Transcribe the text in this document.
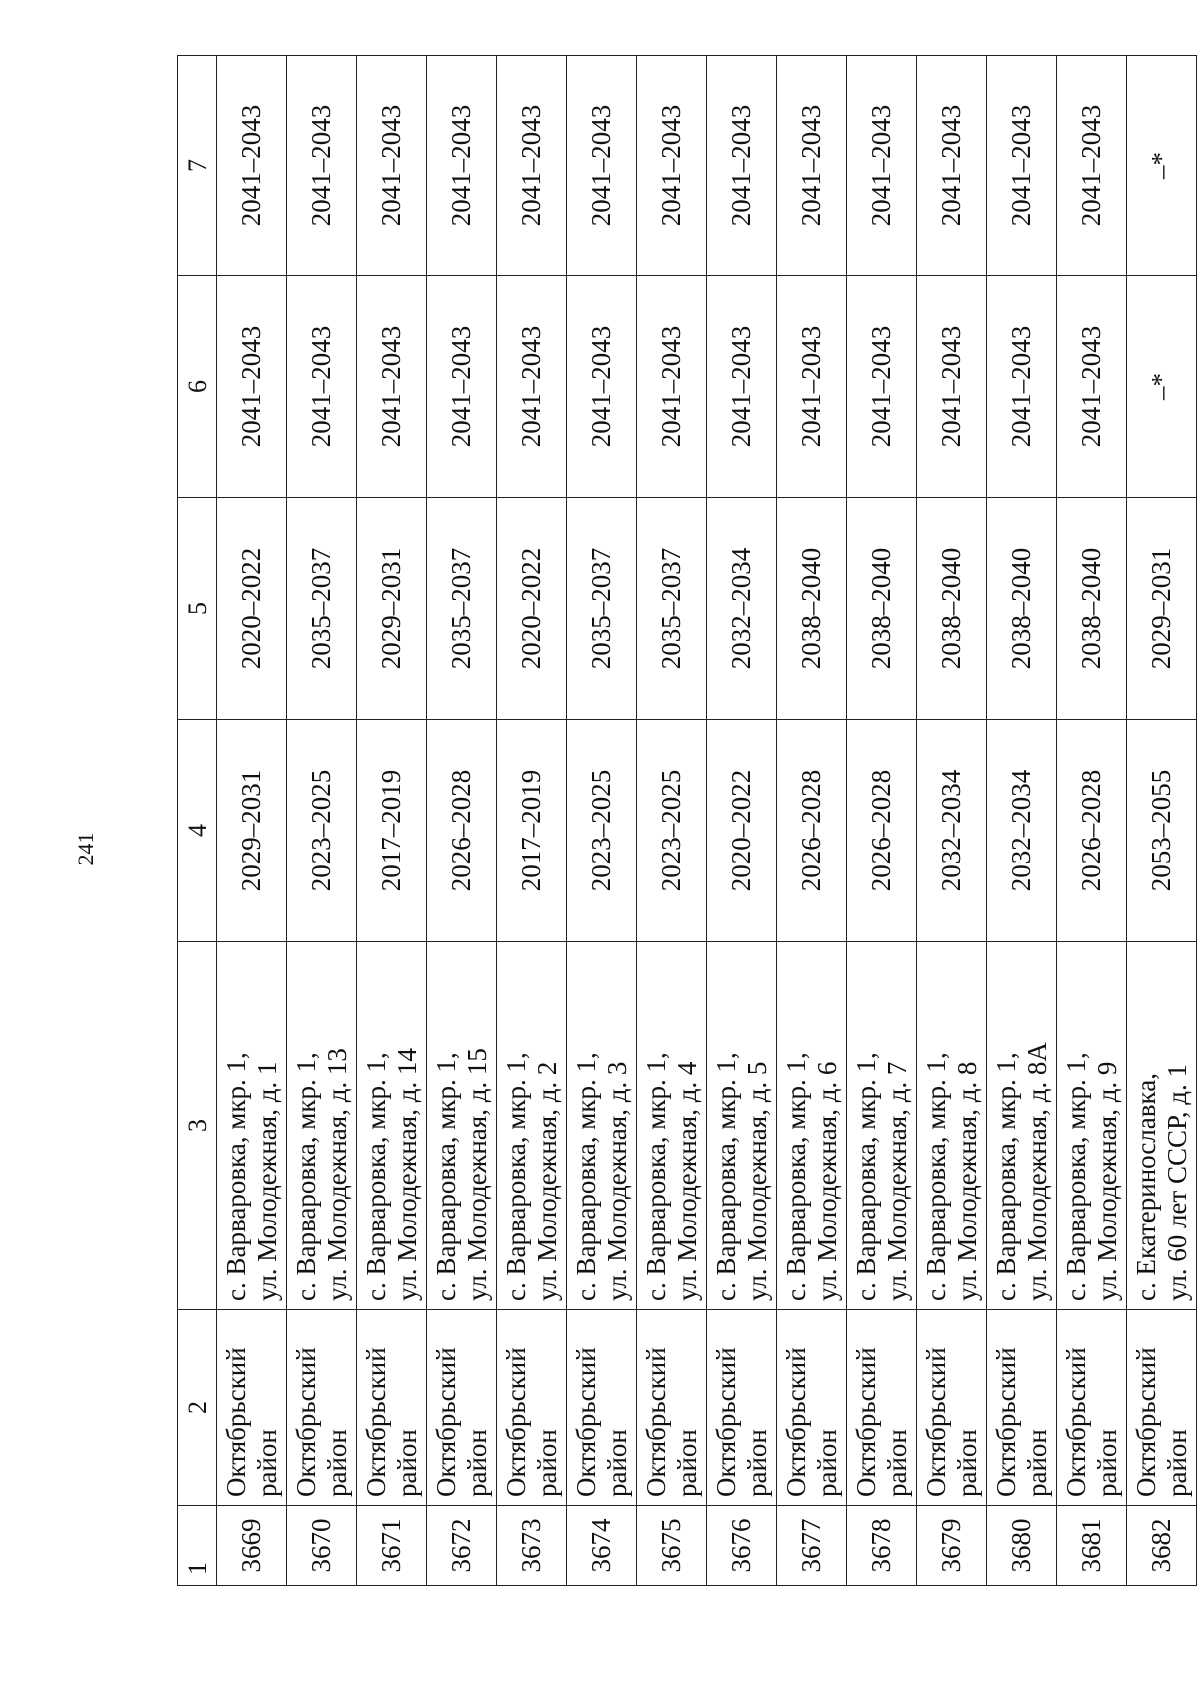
241
1	2	3	4	5	6	7
3669	Октябрьский район	с. Варваровка, мкр. 1, ул. Молодежная, д. 1	2029–2031	2020–2022	2041–2043	2041–2043
3670	Октябрьский район	с. Варваровка, мкр. 1, ул. Молодежная, д. 13	2023–2025	2035–2037	2041–2043	2041–2043
3671	Октябрьский район	с. Варваровка, мкр. 1, ул. Молодежная, д. 14	2017–2019	2029–2031	2041–2043	2041–2043
3672	Октябрьский район	с. Варваровка, мкр. 1, ул. Молодежная, д. 15	2026–2028	2035–2037	2041–2043	2041–2043
3673	Октябрьский район	с. Варваровка, мкр. 1, ул. Молодежная, д. 2	2017–2019	2020–2022	2041–2043	2041–2043
3674	Октябрьский район	с. Варваровка, мкр. 1, ул. Молодежная, д. 3	2023–2025	2035–2037	2041–2043	2041–2043
3675	Октябрьский район	с. Варваровка, мкр. 1, ул. Молодежная, д. 4	2023–2025	2035–2037	2041–2043	2041–2043
3676	Октябрьский район	с. Варваровка, мкр. 1, ул. Молодежная, д. 5	2020–2022	2032–2034	2041–2043	2041–2043
3677	Октябрьский район	с. Варваровка, мкр. 1, ул. Молодежная, д. 6	2026–2028	2038–2040	2041–2043	2041–2043
3678	Октябрьский район	с. Варваровка, мкр. 1, ул. Молодежная, д. 7	2026–2028	2038–2040	2041–2043	2041–2043
3679	Октябрьский район	с. Варваровка, мкр. 1, ул. Молодежная, д. 8	2032–2034	2038–2040	2041–2043	2041–2043
3680	Октябрьский район	с. Варваровка, мкр. 1, ул. Молодежная, д. 8А	2032–2034	2038–2040	2041–2043	2041–2043
3681	Октябрьский район	с. Варваровка, мкр. 1, ул. Молодежная, д. 9	2026–2028	2038–2040	2041–2043	2041–2043
3682	Октябрьский район	с. Екатеринославка, ул. 60 лет СССР, д. 1	2053–2055	2029–2031	–*	–*
